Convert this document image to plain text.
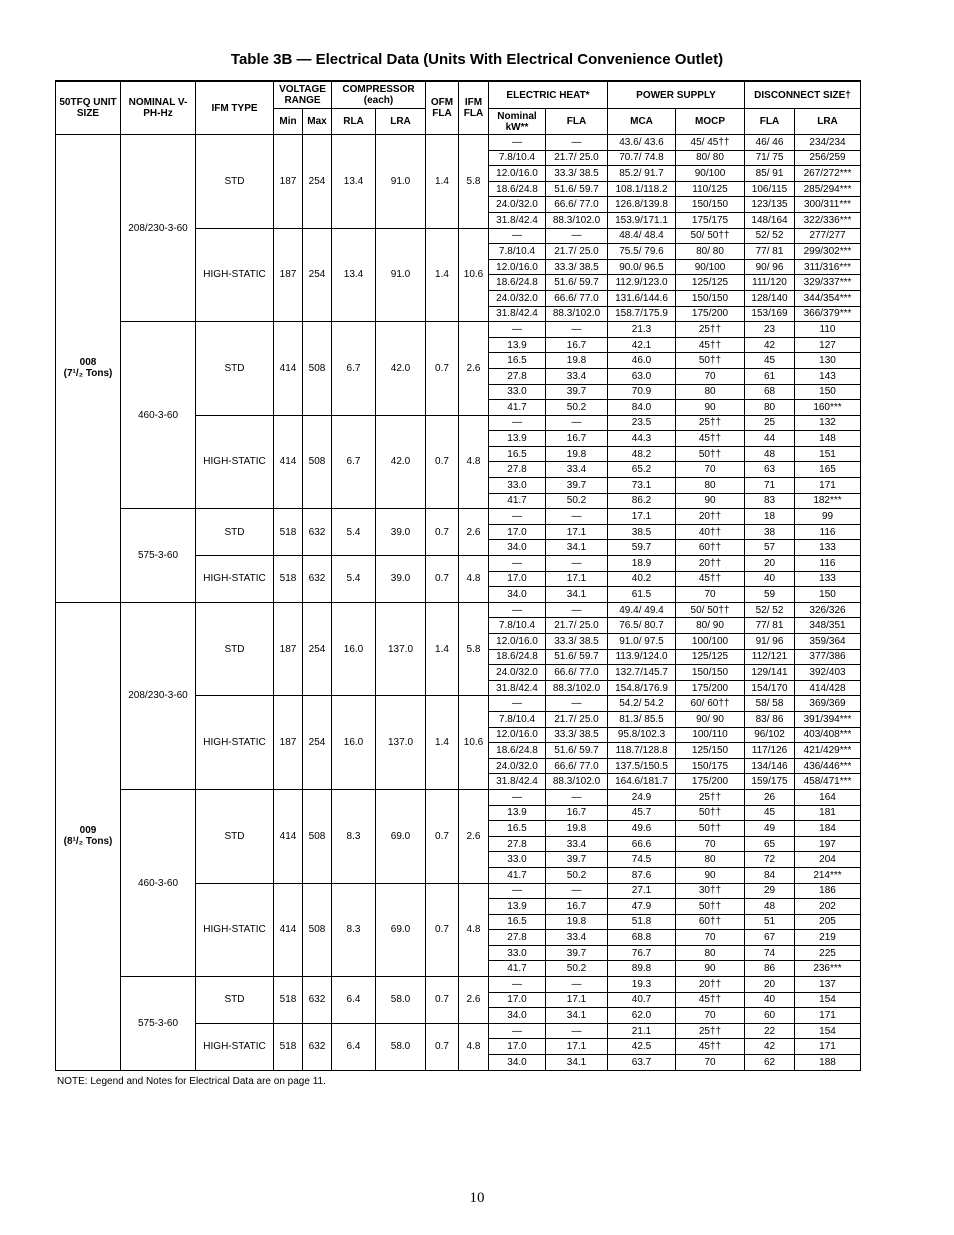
Table 3B — Electrical Data (Units With Electrical Convenience Outlet)
50TFQ UNIT SIZE	NOMINAL V-PH-Hz	IFM TYPE	VOLTAGE RANGE		COMPRESSOR (each)		OFM FLA	IFM FLA	ELECTRIC HEAT*		POWER SUPPLY		DISCONNECT SIZE†	
			Min	Max	RLA	LRA			Nominal kW**	FLA	MCA	MOCP	FLA	LRA
008
(7¹/₂ Tons)	208/230-3-60	STD	187	254	13.4	91.0	1.4	5.8	—	—	43.6/ 43.6	45/ 45††	46/ 46	234/234
									7.8/10.4	21.7/ 25.0	70.7/ 74.8	80/ 80	71/ 75	256/259
									12.0/16.0	33.3/ 38.5	85.2/ 91.7	90/100	85/ 91	267/272***
									18.6/24.8	51.6/ 59.7	108.1/118.2	110/125	106/115	285/294***
									24.0/32.0	66.6/ 77.0	126.8/139.8	150/150	123/135	300/311***
									31.8/42.4	88.3/102.0	153.9/171.1	175/175	148/164	322/336***
		HIGH-STATIC	187	254	13.4	91.0	1.4	10.6	—	—	48.4/ 48.4	50/ 50††	52/ 52	277/277
									7.8/10.4	21.7/ 25.0	75.5/ 79.6	80/ 80	77/ 81	299/302***
									12.0/16.0	33.3/ 38.5	90.0/ 96.5	90/100	90/ 96	311/316***
									18.6/24.8	51.6/ 59.7	112.9/123.0	125/125	111/120	329/337***
									24.0/32.0	66.6/ 77.0	131.6/144.6	150/150	128/140	344/354***
									31.8/42.4	88.3/102.0	158.7/175.9	175/200	153/169	366/379***
	460-3-60	STD	414	508	6.7	42.0	0.7	2.6	—	—	21.3	25††	23	110
									13.9	16.7	42.1	45††	42	127
									16.5	19.8	46.0	50††	45	130
									27.8	33.4	63.0	70	61	143
									33.0	39.7	70.9	80	68	150
									41.7	50.2	84.0	90	80	160***
		HIGH-STATIC	414	508	6.7	42.0	0.7	4.8	—	—	23.5	25††	25	132
									13.9	16.7	44.3	45††	44	148
									16.5	19.8	48.2	50††	48	151
									27.8	33.4	65.2	70	63	165
									33.0	39.7	73.1	80	71	171
									41.7	50.2	86.2	90	83	182***
	575-3-60	STD	518	632	5.4	39.0	0.7	2.6	—	—	17.1	20††	18	99
									17.0	17.1	38.5	40††	38	116
									34.0	34.1	59.7	60††	57	133
		HIGH-STATIC	518	632	5.4	39.0	0.7	4.8	—	—	18.9	20††	20	116
									17.0	17.1	40.2	45††	40	133
									34.0	34.1	61.5	70	59	150
009
(8¹/₂ Tons)	208/230-3-60	STD	187	254	16.0	137.0	1.4	5.8	—	—	49.4/ 49.4	50/ 50††	52/ 52	326/326
									7.8/10.4	21.7/ 25.0	76.5/ 80.7	80/ 90	77/ 81	348/351
									12.0/16.0	33.3/ 38.5	91.0/ 97.5	100/100	91/ 96	359/364
									18.6/24.8	51.6/ 59.7	113.9/124.0	125/125	112/121	377/386
									24.0/32.0	66.6/ 77.0	132.7/145.7	150/150	129/141	392/403
									31.8/42.4	88.3/102.0	154.8/176.9	175/200	154/170	414/428
		HIGH-STATIC	187	254	16.0	137.0	1.4	10.6	—	—	54.2/ 54.2	60/ 60††	58/ 58	369/369
									7.8/10.4	21.7/ 25.0	81.3/ 85.5	90/ 90	83/ 86	391/394***
									12.0/16.0	33.3/ 38.5	95.8/102.3	100/110	96/102	403/408***
									18.6/24.8	51.6/ 59.7	118.7/128.8	125/150	117/126	421/429***
									24.0/32.0	66.6/ 77.0	137.5/150.5	150/175	134/146	436/446***
									31.8/42.4	88.3/102.0	164.6/181.7	175/200	159/175	458/471***
	460-3-60	STD	414	508	8.3	69.0	0.7	2.6	—	—	24.9	25††	26	164
									13.9	16.7	45.7	50††	45	181
									16.5	19.8	49.6	50††	49	184
									27.8	33.4	66.6	70	65	197
									33.0	39.7	74.5	80	72	204
									41.7	50.2	87.6	90	84	214***
		HIGH-STATIC	414	508	8.3	69.0	0.7	4.8	—	—	27.1	30††	29	186
									13.9	16.7	47.9	50††	48	202
									16.5	19.8	51.8	60††	51	205
									27.8	33.4	68.8	70	67	219
									33.0	39.7	76.7	80	74	225
									41.7	50.2	89.8	90	86	236***
	575-3-60	STD	518	632	6.4	58.0	0.7	2.6	—	—	19.3	20††	20	137
									17.0	17.1	40.7	45††	40	154
									34.0	34.1	62.0	70	60	171
		HIGH-STATIC	518	632	6.4	58.0	0.7	4.8	—	—	21.1	25††	22	154
									17.0	17.1	42.5	45††	42	171
									34.0	34.1	63.7	70	62	188

NOTE: Legend and Notes for Electrical Data are on page 11.

10
